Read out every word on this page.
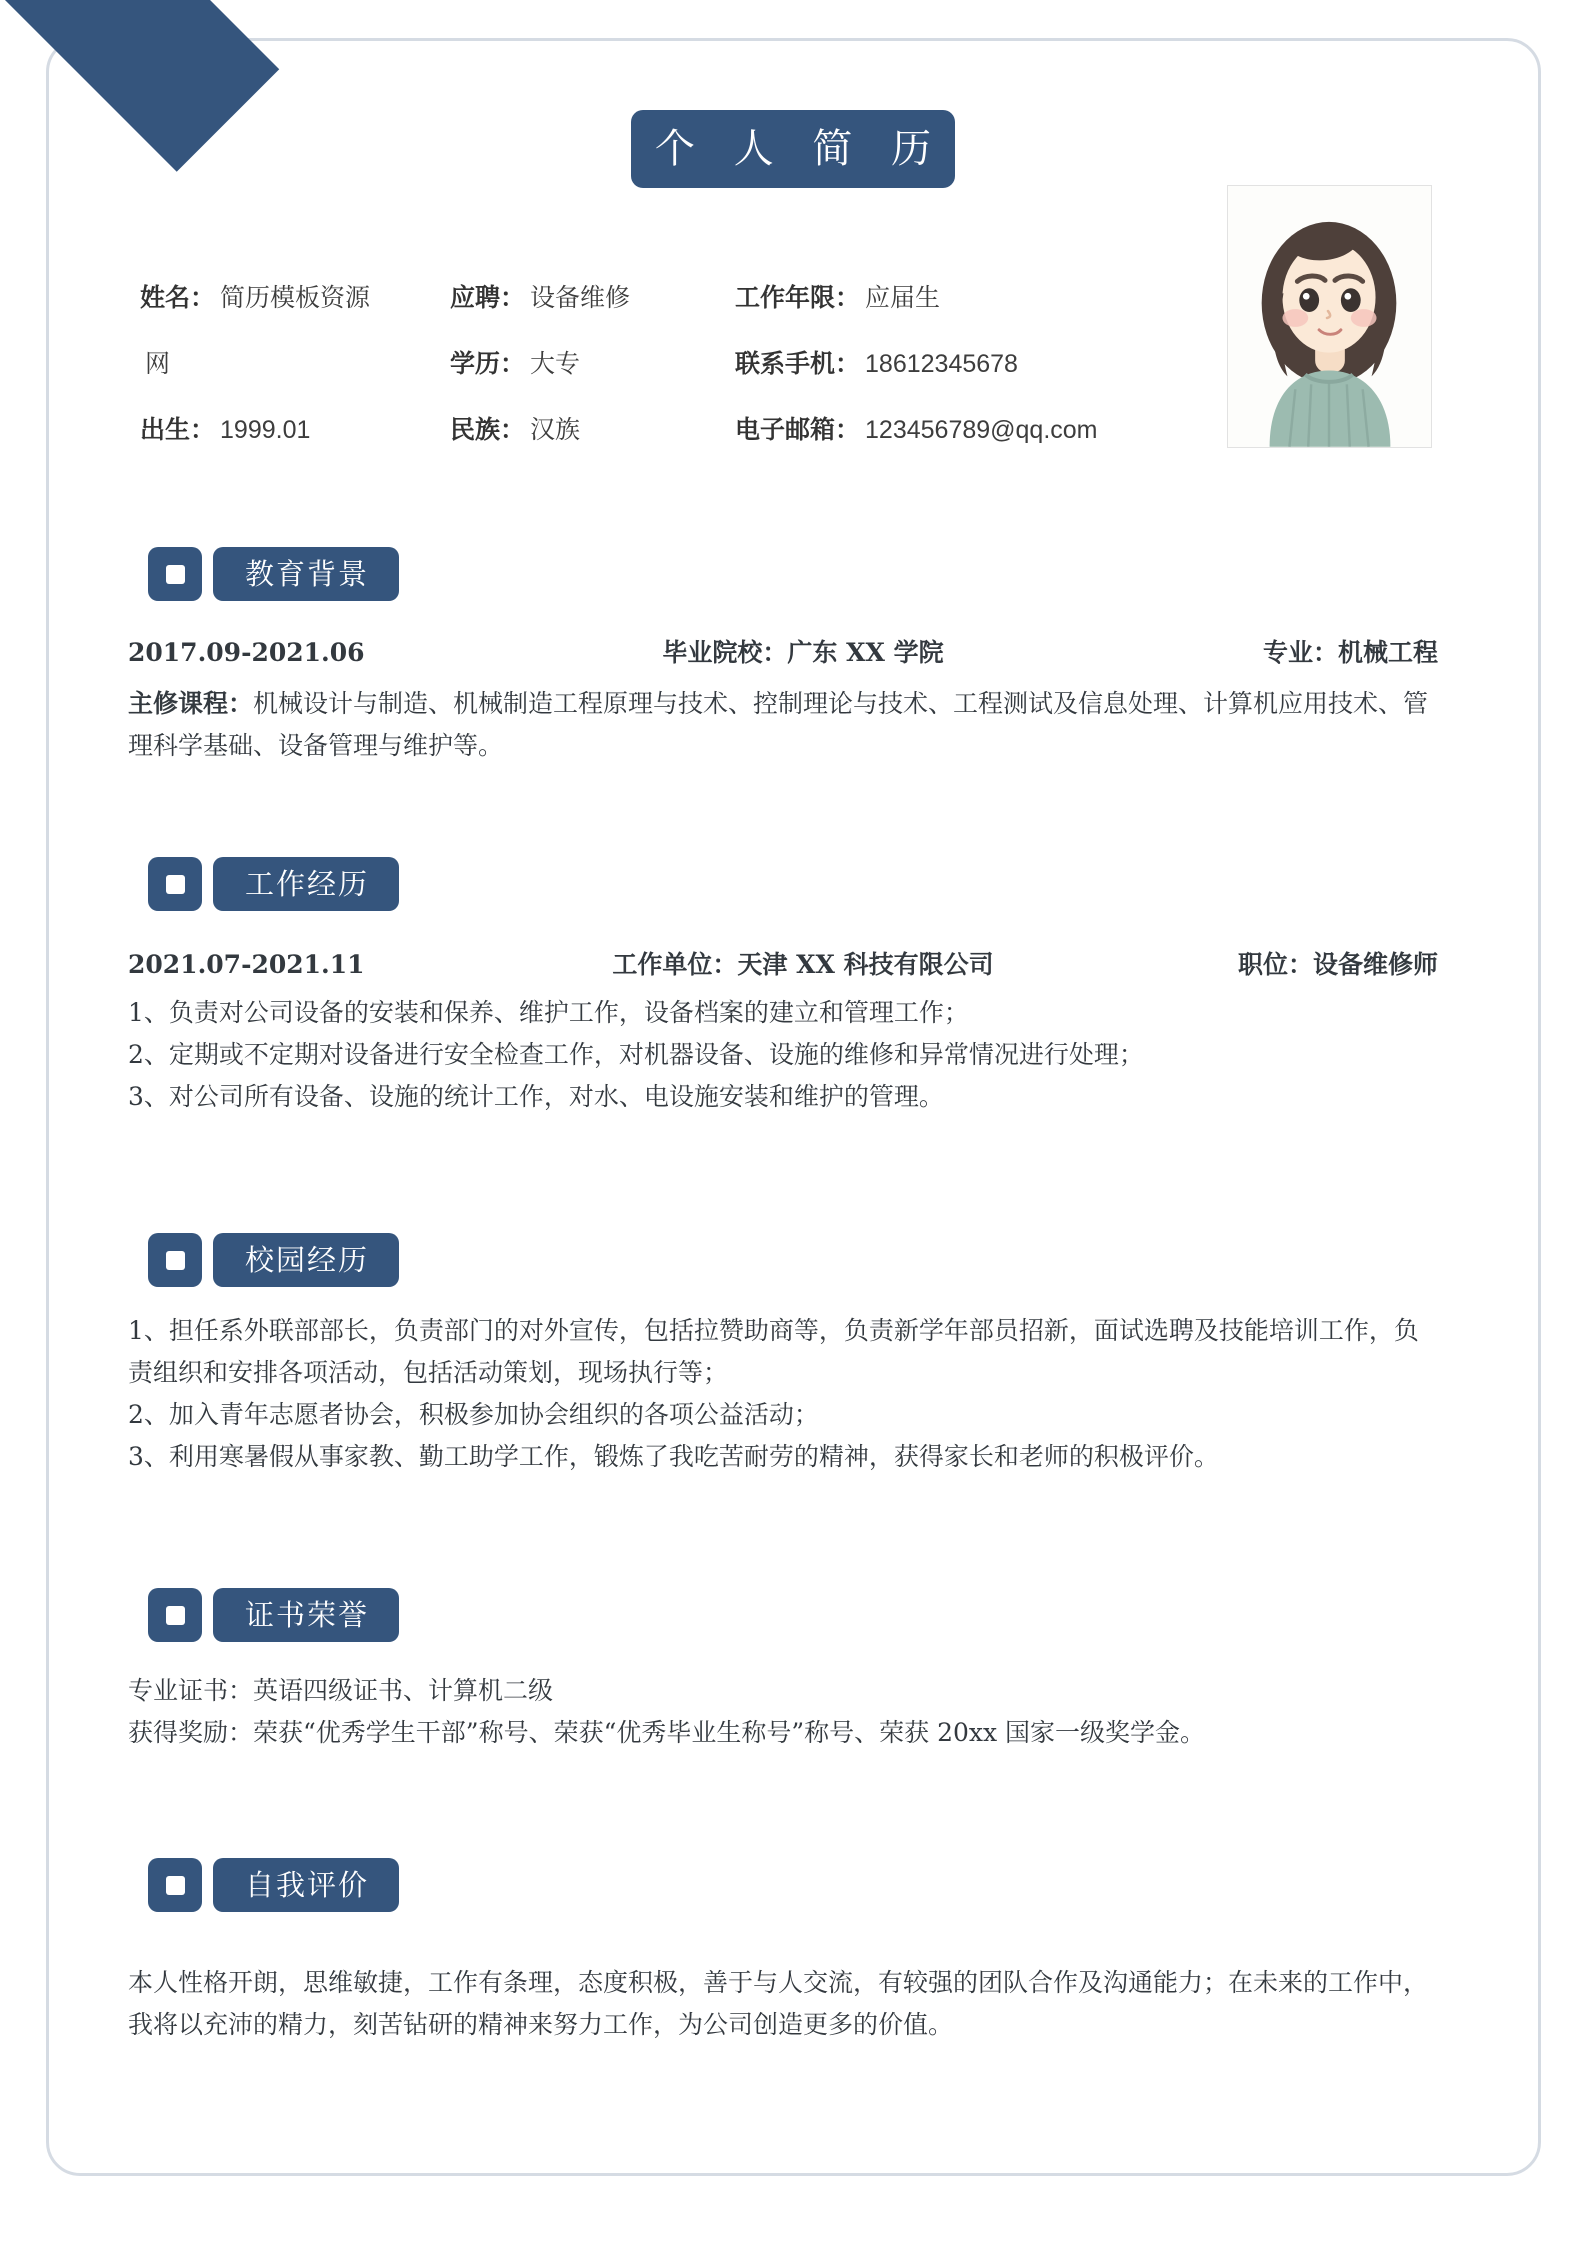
个 人 简 历
姓名： 简历模板资源	应聘： 设备维修	工作年限： 应届生
网	学历： 大专	联系手机： 18612345678
出生： 1999.01	民族： 汉族	电子邮箱： 123456789@qq.com
教育背景
2017.09-2021.06	毕业院校：广东 XX 学院	专业：机械工程
主修课程：机械设计与制造、机械制造工程原理与技术、控制理论与技术、工程测试及信息处理、计算机应用技术、管理科学基础、设备管理与维护等。
工作经历
2021.07-2021.11	工作单位：天津 XX 科技有限公司	职位：设备维修师

1、负责对公司设备的安装和保养、维护工作，设备档案的建立和管理工作；

2、定期或不定期对设备进行安全检查工作，对机器设备、设施的维修和异常情况进行处理；

3、对公司所有设备、设施的统计工作，对水、电设施安装和维护的管理。

校园经历

1、担任系外联部部长，负责部门的对外宣传，包括拉赞助商等，负责新学年部员招新，面试选聘及技能培训工作，负责组织和安排各项活动，包括活动策划，现场执行等；

2、加入青年志愿者协会，积极参加协会组织的各项公益活动；

3、利用寒暑假从事家教、勤工助学工作，锻炼了我吃苦耐劳的精神，获得家长和老师的积极评价。

证书荣誉

专业证书：英语四级证书、计算机二级

获得奖励：荣获“优秀学生干部”称号、荣获“优秀毕业生称号”称号、荣获 20xx 国家一级奖学金。

自我评价
本人性格开朗，思维敏捷，工作有条理，态度积极，善于与人交流，有较强的团队合作及沟通能力；在未来的工作中，我将以充沛的精力，刻苦钻研的精神来努力工作，为公司创造更多的价值。
